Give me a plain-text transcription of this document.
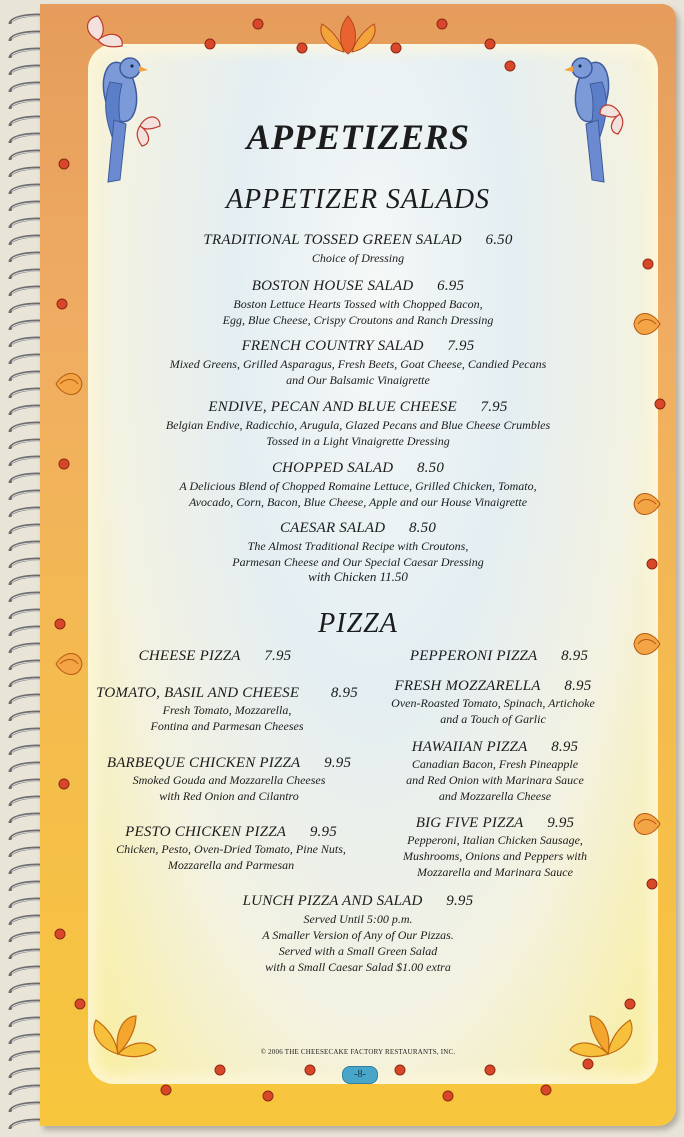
APPETIZERS
APPETIZER SALADS
TRADITIONAL TOSSED GREEN SALAD 6.50
Choice of Dressing
BOSTON HOUSE SALAD 6.95
Boston Lettuce Hearts Tossed with Chopped Bacon,
Egg, Blue Cheese, Crispy Croutons and Ranch Dressing
FRENCH COUNTRY SALAD 7.95
Mixed Greens, Grilled Asparagus, Fresh Beets, Goat Cheese, Candied Pecans
and Our Balsamic Vinaigrette
ENDIVE, PECAN AND BLUE CHEESE 7.95
Belgian Endive, Radicchio, Arugula, Glazed Pecans and Blue Cheese Crumbles
Tossed in a Light Vinaigrette Dressing
CHOPPED SALAD 8.50
A Delicious Blend of Chopped Romaine Lettuce, Grilled Chicken, Tomato,
Avocado, Corn, Bacon, Blue Cheese, Apple and our House Vinaigrette
CAESAR SALAD 8.50
The Almost Traditional Recipe with Croutons,
Parmesan Cheese and Our Special Caesar Dressing
with Chicken 11.50
PIZZA
CHEESE PIZZA 7.95
TOMATO, BASIL AND CHEESE 8.95
Fresh Tomato, Mozzarella,
Fontina and Parmesan Cheeses
BARBEQUE CHICKEN PIZZA 9.95
Smoked Gouda and Mozzarella Cheeses
with Red Onion and Cilantro
PESTO CHICKEN PIZZA 9.95
Chicken, Pesto, Oven-Dried Tomato, Pine Nuts,
Mozzarella and Parmesan
PEPPERONI PIZZA 8.95
FRESH MOZZARELLA 8.95
Oven-Roasted Tomato, Spinach, Artichoke
and a Touch of Garlic
HAWAIIAN PIZZA 8.95
Canadian Bacon, Fresh Pineapple
and Red Onion with Marinara Sauce
and Mozzarella Cheese
BIG FIVE PIZZA 9.95
Pepperoni, Italian Chicken Sausage,
Mushrooms, Onions and Peppers with
Mozzarella and Marinara Sauce
LUNCH PIZZA AND SALAD 9.95
Served Until 5:00 p.m.
A Smaller Version of Any of Our Pizzas.
Served with a Small Green Salad
with a Small Caesar Salad $1.00 extra
© 2006 THE CHEESECAKE FACTORY RESTAURANTS, INC.
-8-
